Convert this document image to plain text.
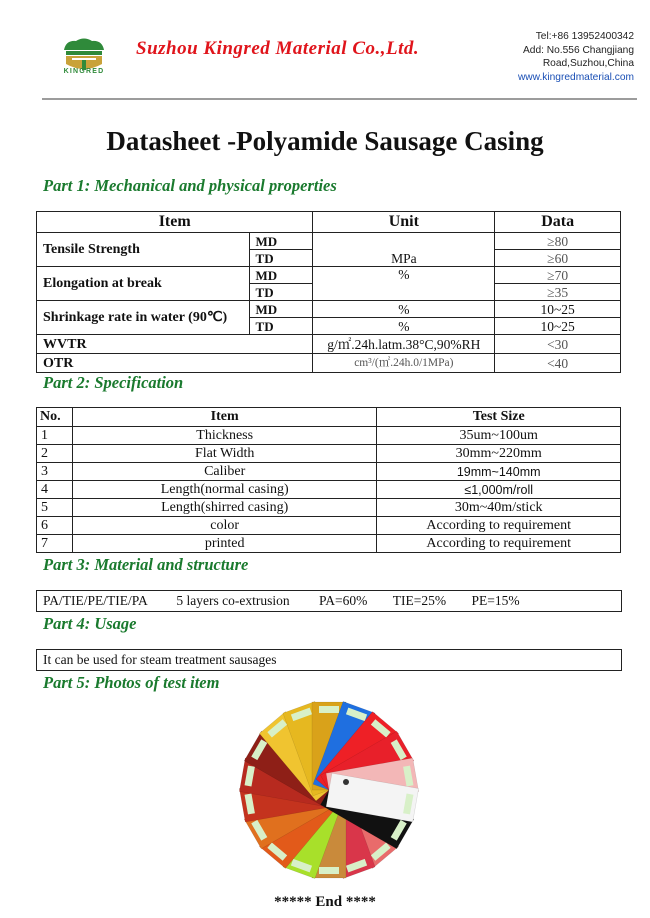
KINGRED
Suzhou Kingred Material Co.,Ltd.
Tel:+86 13952400342
Add: No.556 Changjiang
Road,Suzhou,China
www.kingredmaterial.com
Datasheet -Polyamide Sausage Casing
Part 1: Mechanical and physical properties
Item		Unit	Data
Tensile Strength	MD	MPa	≥80
	TD		≥60
Elongation at break	MD	%	≥70
	TD		≥35
Shrinkage rate in water (90℃)	MD	%	10~25
	TD	%	10~25
WVTR		g/㎡.24h.latm.38°C,90%RH	<30
OTR		cm³/(㎡.24h.0/1MPa)	<40
Part 2: Specification
No.	Item	Test Size
1	Thickness	35um~100um
2	Flat Width	30mm~220mm
3	Caliber	19mm~140mm
4	Length(normal casing)	≤1,000m/roll
5	Length(shirred casing)	30m~40m/stick
6	color	According to requirement
7	printed	According to requirement
Part 3: Material and structure
PA/TIE/PE/TIE/PA 5 layers co-extrusion PA=60% TIE=25% PE=15%
Part 4: Usage
It can be used for steam treatment sausages
Part 5: Photos of test item
***** End ****
